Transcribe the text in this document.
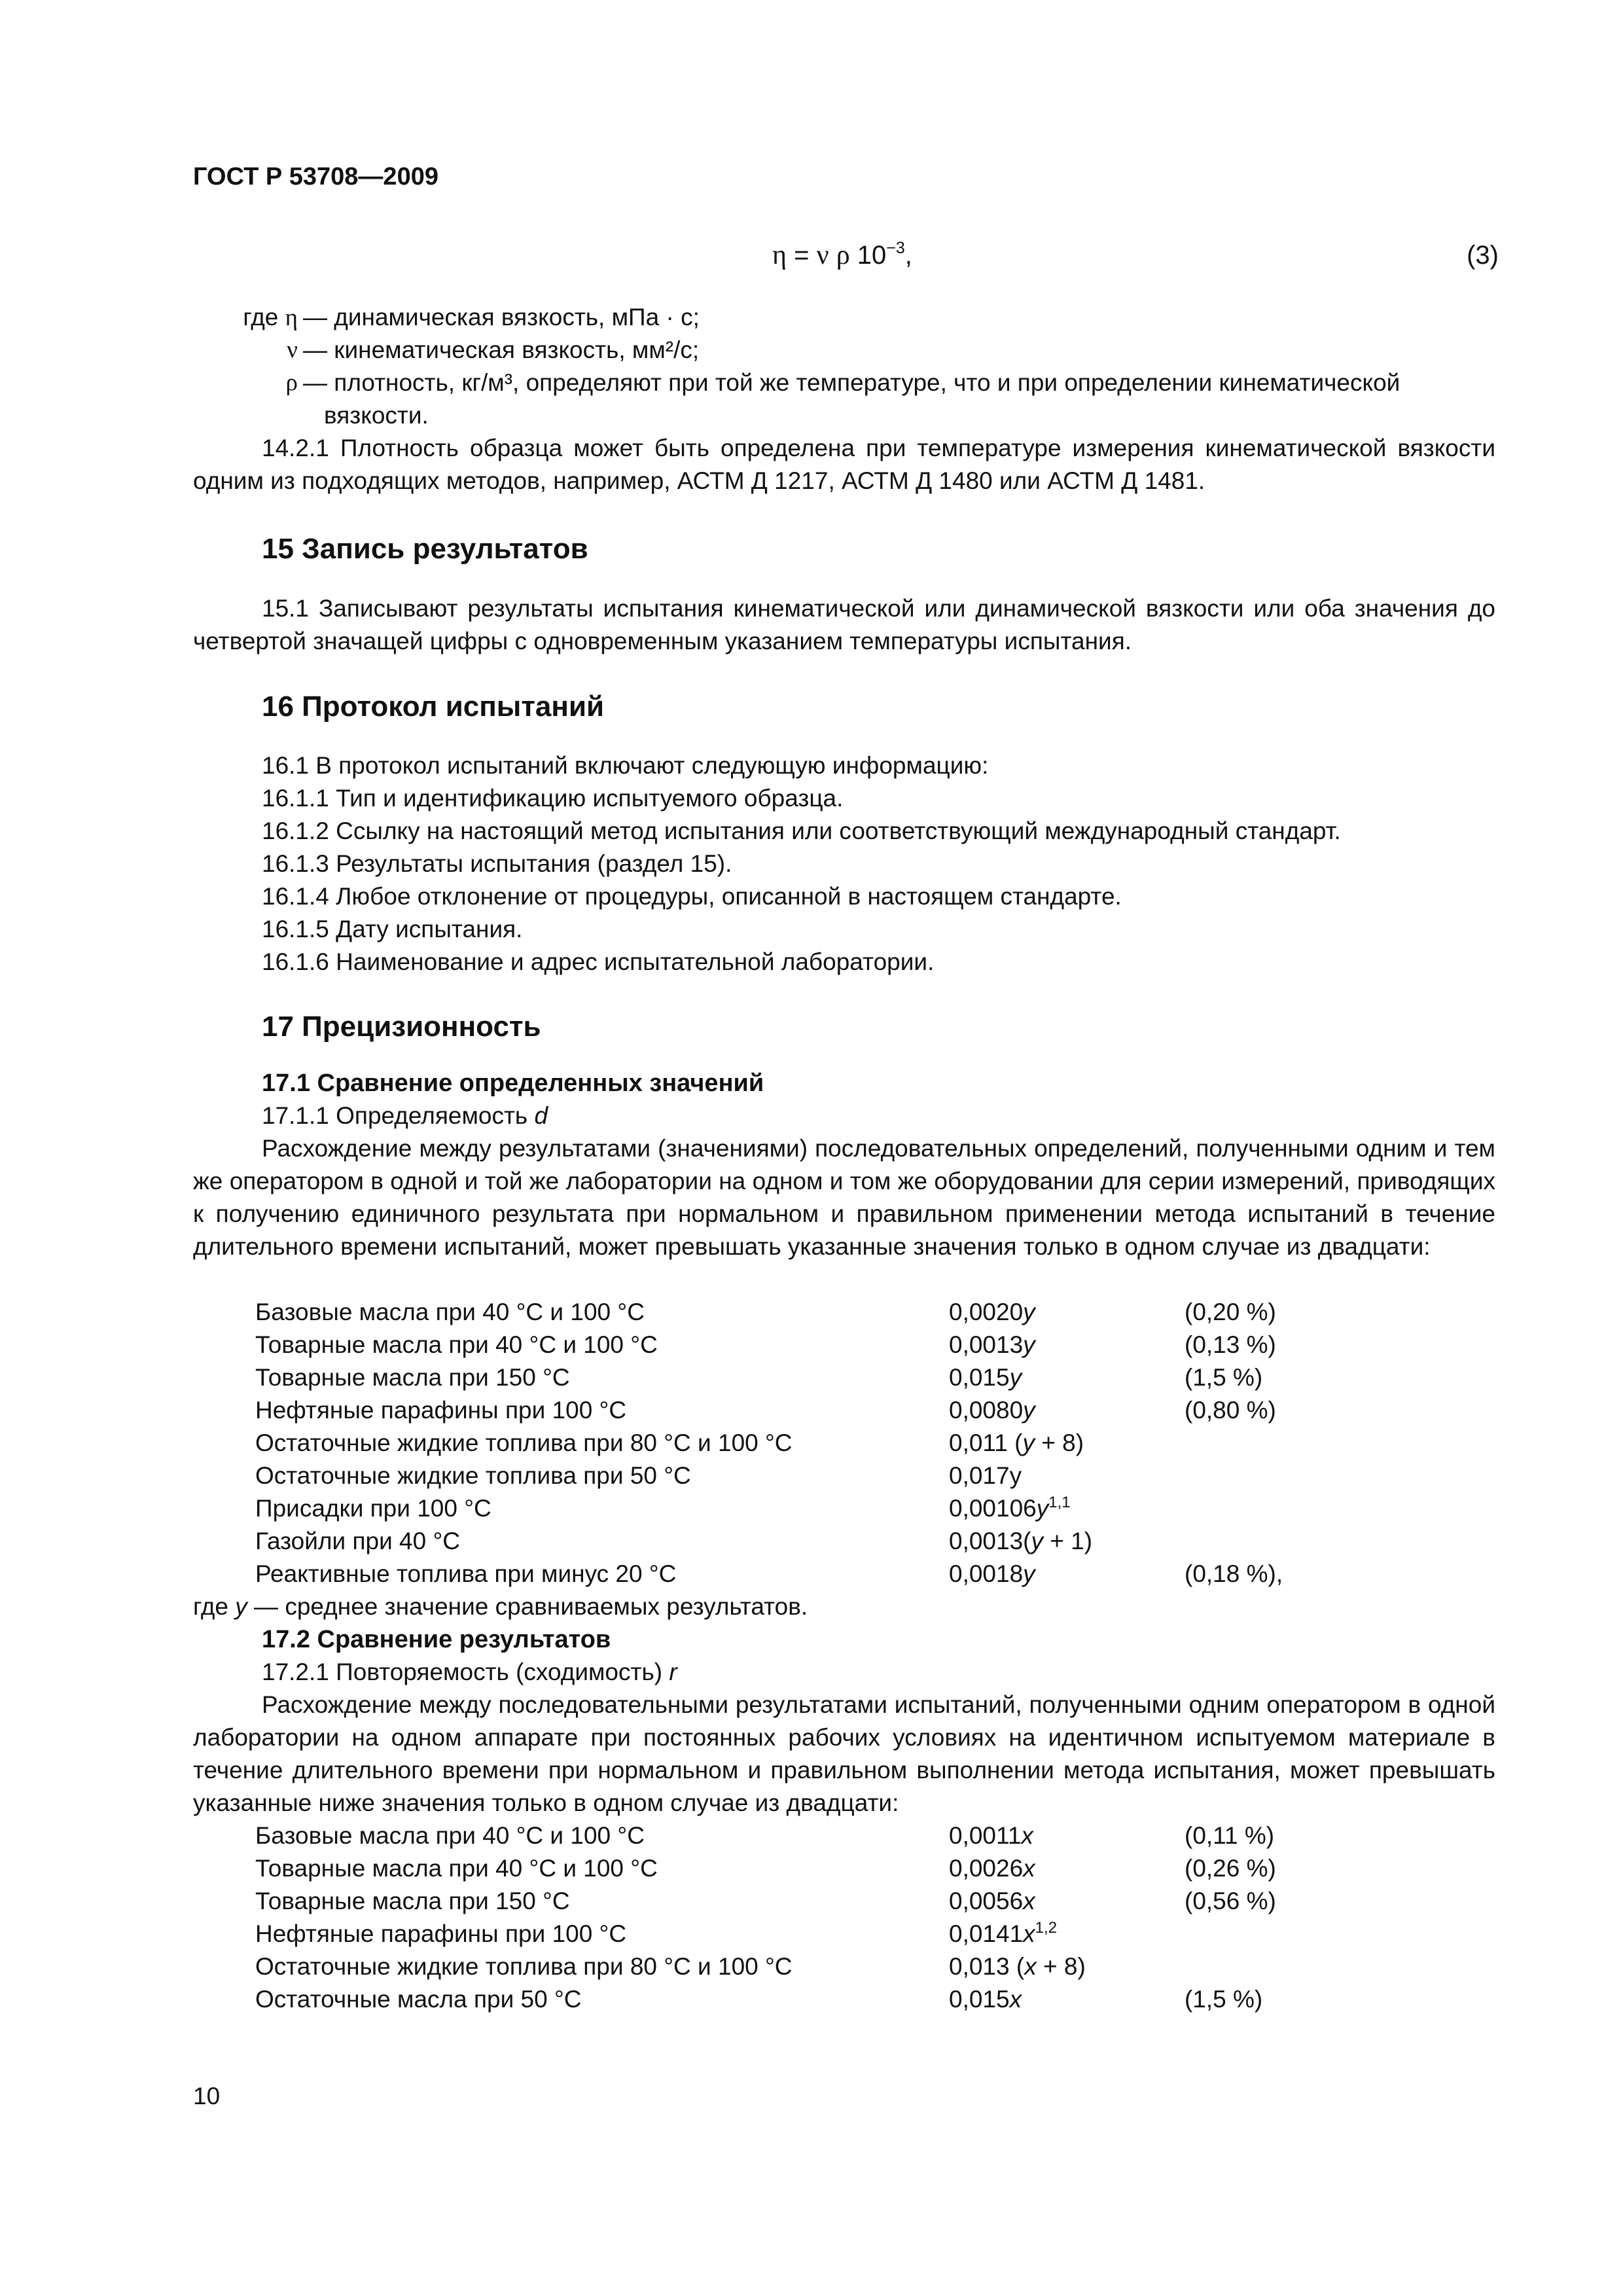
ГОСТ Р 53708—2009
η = ν ρ $10^{-3}$,	(3)
где η — динамическая вязкость, мПа · с;
ν — кинематическая вязкость, мм²/с;
ρ — плотность, кг/м³, определяют при той же температуре, что и при определении кинематической
вязкости.
14.2.1 Плотность образца может быть определена при температуре измерения кинематической вязкости одним из подходящих методов, например, АСТМ Д 1217, АСТМ Д 1480 или АСТМ Д 1481.
15 Запись результатов
15.1 Записывают результаты испытания кинематической или динамической вязкости или оба значения до четвертой значащей цифры с одновременным указанием температуры испытания.
16 Протокол испытаний
16.1 В протокол испытаний включают следующую информацию:
16.1.1 Тип и идентификацию испытуемого образца.
16.1.2 Ссылку на настоящий метод испытания или соответствующий международный стандарт.
16.1.3 Результаты испытания (раздел 15).
16.1.4 Любое отклонение от процедуры, описанной в настоящем стандарте.
16.1.5 Дату испытания.
16.1.6 Наименование и адрес испытательной лаборатории.
17 Прецизионность
17.1 Сравнение определенных значений
17.1.1 Определяемость d
Расхождение между результатами (значениями) последовательных определений, полученными одним и тем же оператором в одной и той же лаборатории на одном и том же оборудовании для серии измерений, приводящих к получению единичного результата при нормальном и правильном применении метода испытаний в течение длительного времени испытаний, может превышать указанные значения только в одном случае из двадцати:
Базовые масла при 40 °C и 100 °C	0,0020y	(0,20 %)
Товарные масла при 40 °C и 100 °C	0,0013y	(0,13 %)
Товарные масла при 150 °C	0,015y	(1,5 %)
Нефтяные парафины при 100 °C	0,0080y	(0,80 %)
Остаточные жидкие топлива при 80 °C и 100 °C	0,011 (y + 8)
Остаточные жидкие топлива при 50 °C	0,017y
Присадки при 100 °C	$0,00106y^{1,1}$
Газойли при 40 °C	0,0013(y + 1)
Реактивные топлива при минус 20 °C	0,0018y	(0,18 %),
где y — среднее значение сравниваемых результатов.
17.2 Сравнение результатов
17.2.1 Повторяемость (сходимость) r
Расхождение между последовательными результатами испытаний, полученными одним оператором в одной лаборатории на одном аппарате при постоянных рабочих условиях на идентичном испытуемом материале в течение длительного времени при нормальном и правильном выполнении метода испытания, может превышать указанные ниже значения только в одном случае из двадцати:
Базовые масла при 40 °C и 100 °C	0,0011x	(0,11 %)
Товарные масла при 40 °C и 100 °C	0,0026x	(0,26 %)
Товарные масла при 150 °C	0,0056x	(0,56 %)
Нефтяные парафины при 100 °C	$0,0141x^{1,2}$
Остаточные жидкие топлива при 80 °C и 100 °C	0,013 (x + 8)
Остаточные масла при 50 °C	0,015x	(1,5 %)
10
